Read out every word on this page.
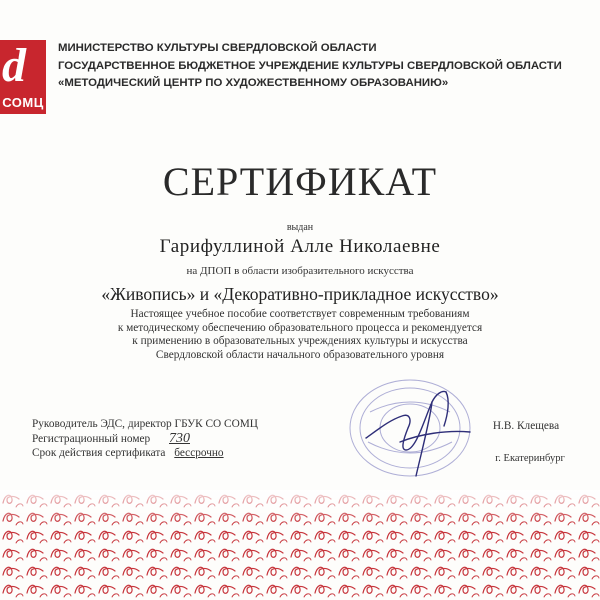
d
СОМЦ
МИНИСТЕРСТВО КУЛЬТУРЫ СВЕРДЛОВСКОЙ ОБЛАСТИ
ГОСУДАРСТВЕННОЕ БЮДЖЕТНОЕ УЧРЕЖДЕНИЕ КУЛЬТУРЫ СВЕРДЛОВСКОЙ ОБЛАСТИ
«МЕТОДИЧЕСКИЙ ЦЕНТР ПО ХУДОЖЕСТВЕННОМУ ОБРАЗОВАНИЮ»
СЕРТИФИКАТ
выдан
Гарифуллиной Алле Николаевне
на ДПОП в области изобразительного искусства
«Живопись» и «Декоративно-прикладное искусство»
Настоящее учебное пособие соответствует современным требованиям
к методическому обеспечению образовательного процесса и рекомендуется
к применению в образовательных учреждениях культуры и искусства
Свердловской области начального образовательного уровня
Руководитель ЭДС, директор ГБУК СО СОМЦ
Регистрационный номер 730
Срок действия сертификата бессрочно
Н.В. Клещева
г. Екатеринбург
